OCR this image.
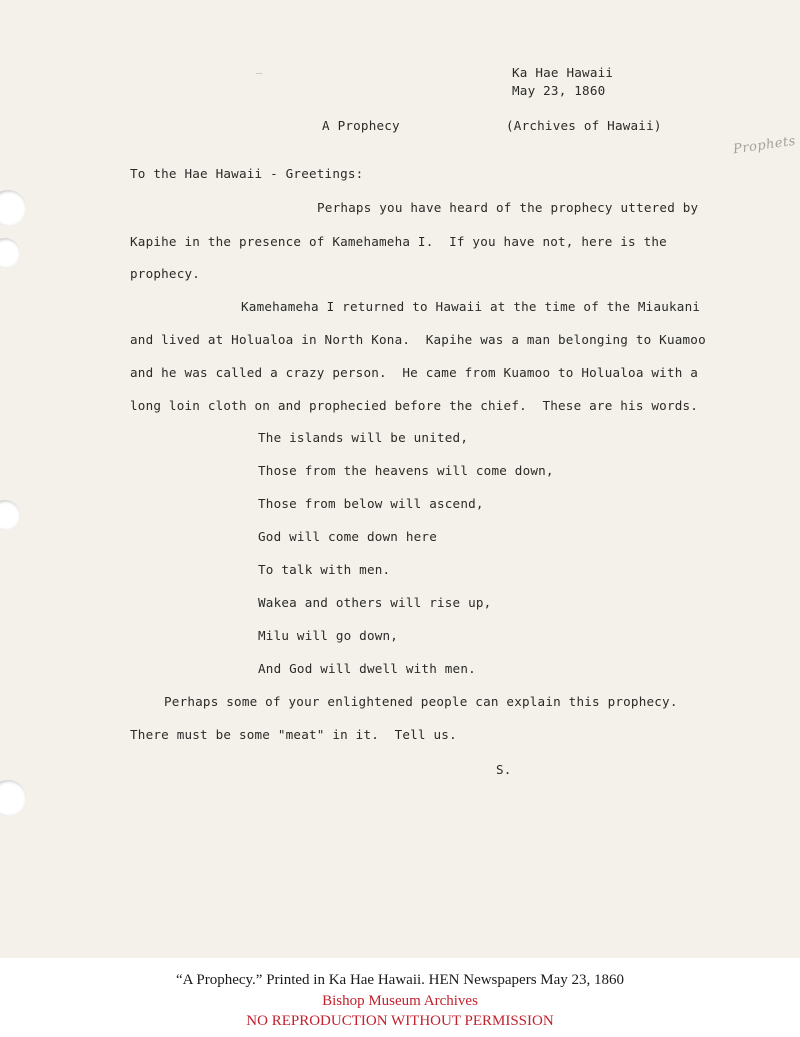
Ka Hae Hawaii
May 23, 1860
A Prophecy	(Archives of Hawaii)
Prophets
To the Hae Hawaii - Greetings:
Perhaps you have heard of the prophecy uttered by
Kapihe in the presence of Kamehameha I.  If you have not, here is the
prophecy.
Kamehameha I returned to Hawaii at the time of the Miaukani
and lived at Holualoa in North Kona.  Kapihe was a man belonging to Kuamoo
and he was called a crazy person.  He came from Kuamoo to Holualoa with a
long loin cloth on and prophecied before the chief.  These are his words.
The islands will be united,
Those from the heavens will come down,
Those from below will ascend,
God will come down here
To talk with men.
Wakea and others will rise up,
Milu will go down,
And God will dwell with men.
Perhaps some of your enlightened people can explain this prophecy.
There must be some "meat" in it.  Tell us.
S.
“A Prophecy.” Printed in Ka Hae Hawaii. HEN Newspapers May 23, 1860
Bishop Museum Archives
NO REPRODUCTION WITHOUT PERMISSION
